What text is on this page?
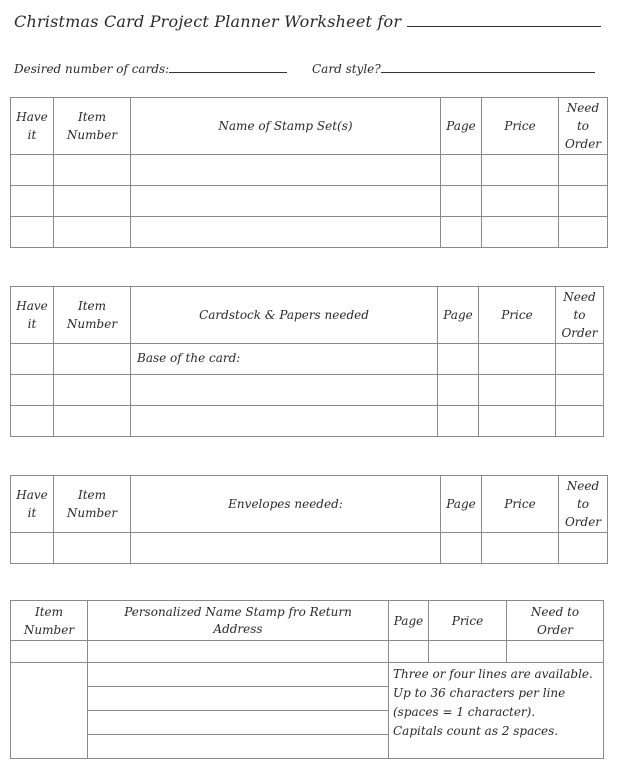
Christmas Card Project Planner Worksheet for
Desired number of cards:	Card style?
Have
it	Item
Number	Name of Stamp Set(s)	Page	Price	Need
to
Order

Have
it	Item
Number	Cardstock & Papers needed	Page	Price	Need
to
Order

		Base of the card:			

Have
it	Item
Number	Envelopes needed:	Page	Price	Need
to
Order

Item
Number	Personalized Name Stamp fro Return Address	Page	Price	Need to Order

		Three or four lines are available.
Up to 36 characters per line
(spaces = 1 character).
Capitals count as 2 spaces.		
